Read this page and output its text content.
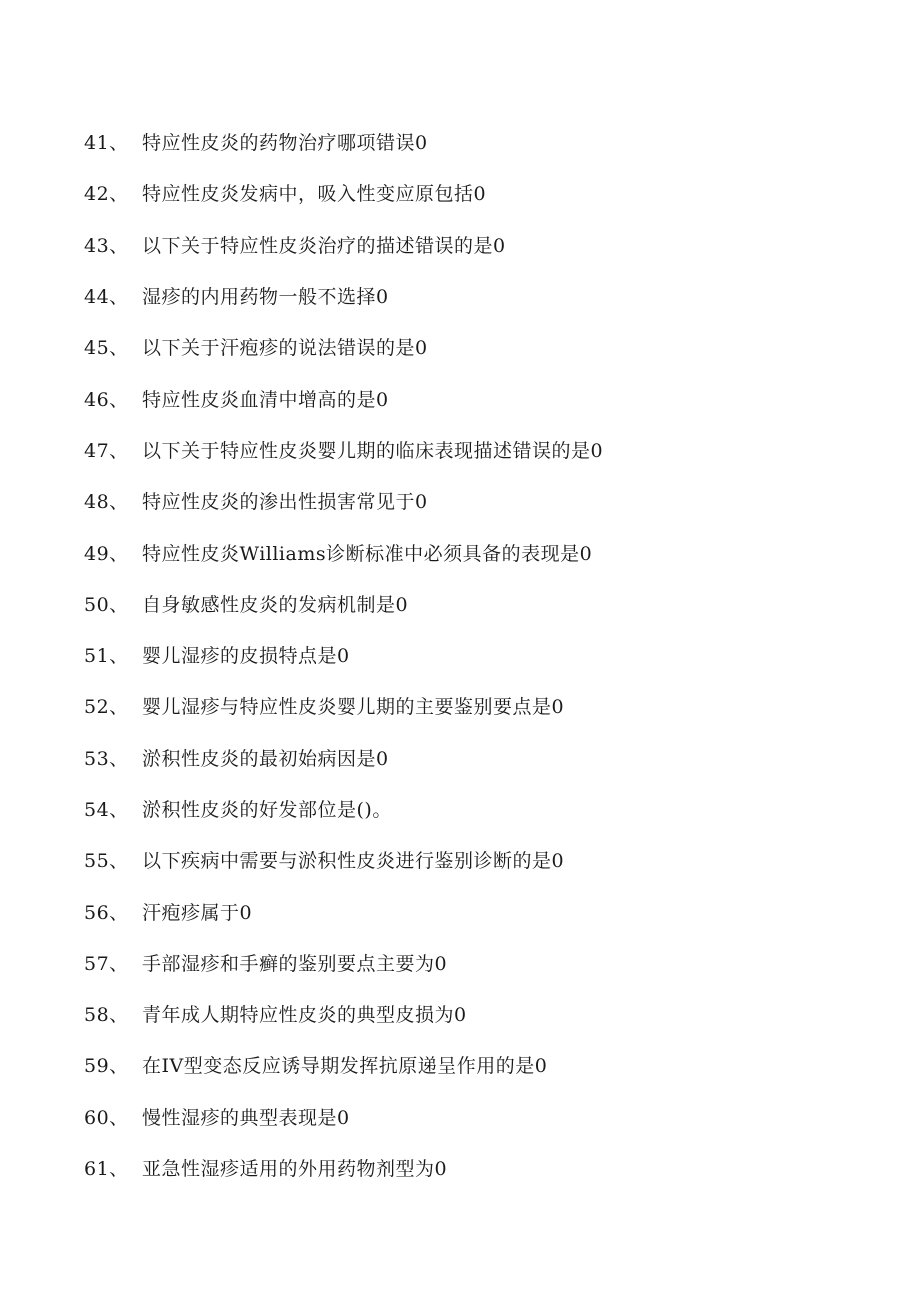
41、 特应性皮炎的药物治疗哪项错误0
42、 特应性皮炎发病中，吸入性变应原包括0
43、 以下关于特应性皮炎治疗的描述错误的是0
44、 湿疹的内用药物一般不选择0
45、 以下关于汗疱疹的说法错误的是0
46、 特应性皮炎血清中增高的是0
47、 以下关于特应性皮炎婴儿期的临床表现描述错误的是0
48、 特应性皮炎的渗出性损害常见于0
49、 特应性皮炎Williams诊断标准中必须具备的表现是0
50、 自身敏感性皮炎的发病机制是0
51、 婴儿湿疹的皮损特点是0
52、 婴儿湿疹与特应性皮炎婴儿期的主要鉴别要点是0
53、 淤积性皮炎的最初始病因是0
54、 淤积性皮炎的好发部位是()。
55、 以下疾病中需要与淤积性皮炎进行鉴别诊断的是0
56、 汗疱疹属于0
57、 手部湿疹和手癣的鉴别要点主要为0
58、 青年成人期特应性皮炎的典型皮损为0
59、 在IV型变态反应诱导期发挥抗原递呈作用的是0
60、 慢性湿疹的典型表现是0
61、 亚急性湿疹适用的外用药物剂型为0
